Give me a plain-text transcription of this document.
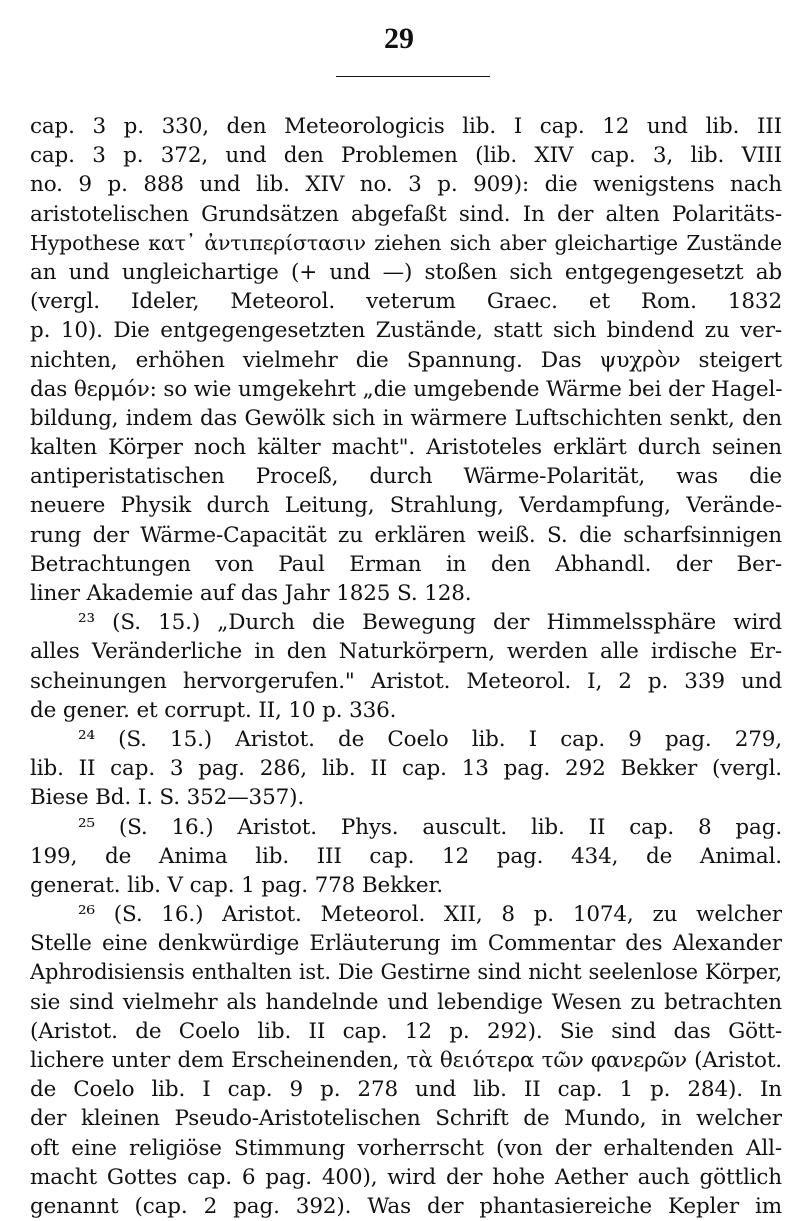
29
cap. 3 p. 330, den Meteorologicis lib. I cap. 12 und lib. III
cap. 3 p. 372, und den Problemen (lib. XIV cap. 3, lib. VIII
no. 9 p. 888 und lib. XIV no. 3 p. 909): die wenigstens nach
aristotelischen Grundsätzen abgefaßt sind. In der alten Polaritäts-
Hypothese κατ᾽ ἀντιπερίστασιν ziehen sich aber gleichartige Zustände
an und ungleichartige (+ und —) stoßen sich entgegengesetzt ab
(vergl. Ideler, Meteorol. veterum Graec. et Rom. 1832
p. 10). Die entgegengesetzten Zustände, statt sich bindend zu ver-
nichten, erhöhen vielmehr die Spannung. Das ψυχρὸν steigert
das θερμόν: so wie umgekehrt „die umgebende Wärme bei der Hagel-
bildung, indem das Gewölk sich in wärmere Luftschichten senkt, den
kalten Körper noch kälter macht". Aristoteles erklärt durch seinen
antiperistatischen Proceß, durch Wärme-Polarität, was die
neuere Physik durch Leitung, Strahlung, Verdampfung, Verände-
rung der Wärme-Capacität zu erklären weiß. S. die scharfsinnigen
Betrachtungen von Paul Erman in den Abhandl. der Ber-
liner Akademie auf das Jahr 1825 S. 128.
²³ (S. 15.) „Durch die Bewegung der Himmelssphäre wird
alles Veränderliche in den Naturkörpern, werden alle irdische Er-
scheinungen hervorgerufen." Aristot. Meteorol. I, 2 p. 339 und
de gener. et corrupt. II, 10 p. 336.
²⁴ (S. 15.) Aristot. de Coelo lib. I cap. 9 pag. 279,
lib. II cap. 3 pag. 286, lib. II cap. 13 pag. 292 Bekker (vergl.
Biese Bd. I. S. 352—357).
²⁵ (S. 16.) Aristot. Phys. auscult. lib. II cap. 8 pag.
199, de Anima lib. III cap. 12 pag. 434, de Animal.
generat. lib. V cap. 1 pag. 778 Bekker.
²⁶ (S. 16.) Aristot. Meteorol. XII, 8 p. 1074, zu welcher
Stelle eine denkwürdige Erläuterung im Commentar des Alexander
Aphrodisiensis enthalten ist. Die Gestirne sind nicht seelenlose Körper,
sie sind vielmehr als handelnde und lebendige Wesen zu betrachten
(Aristot. de Coelo lib. II cap. 12 p. 292). Sie sind das Gött-
lichere unter dem Erscheinenden, τὰ θειότερα τῶν φανερῶν (Aristot.
de Coelo lib. I cap. 9 p. 278 und lib. II cap. 1 p. 284). In
der kleinen Pseudo-Aristotelischen Schrift de Mundo, in welcher
oft eine religiöse Stimmung vorherrscht (von der erhaltenden All-
macht Gottes cap. 6 pag. 400), wird der hohe Aether auch göttlich
genannt (cap. 2 pag. 392). Was der phantasiereiche Kepler im
